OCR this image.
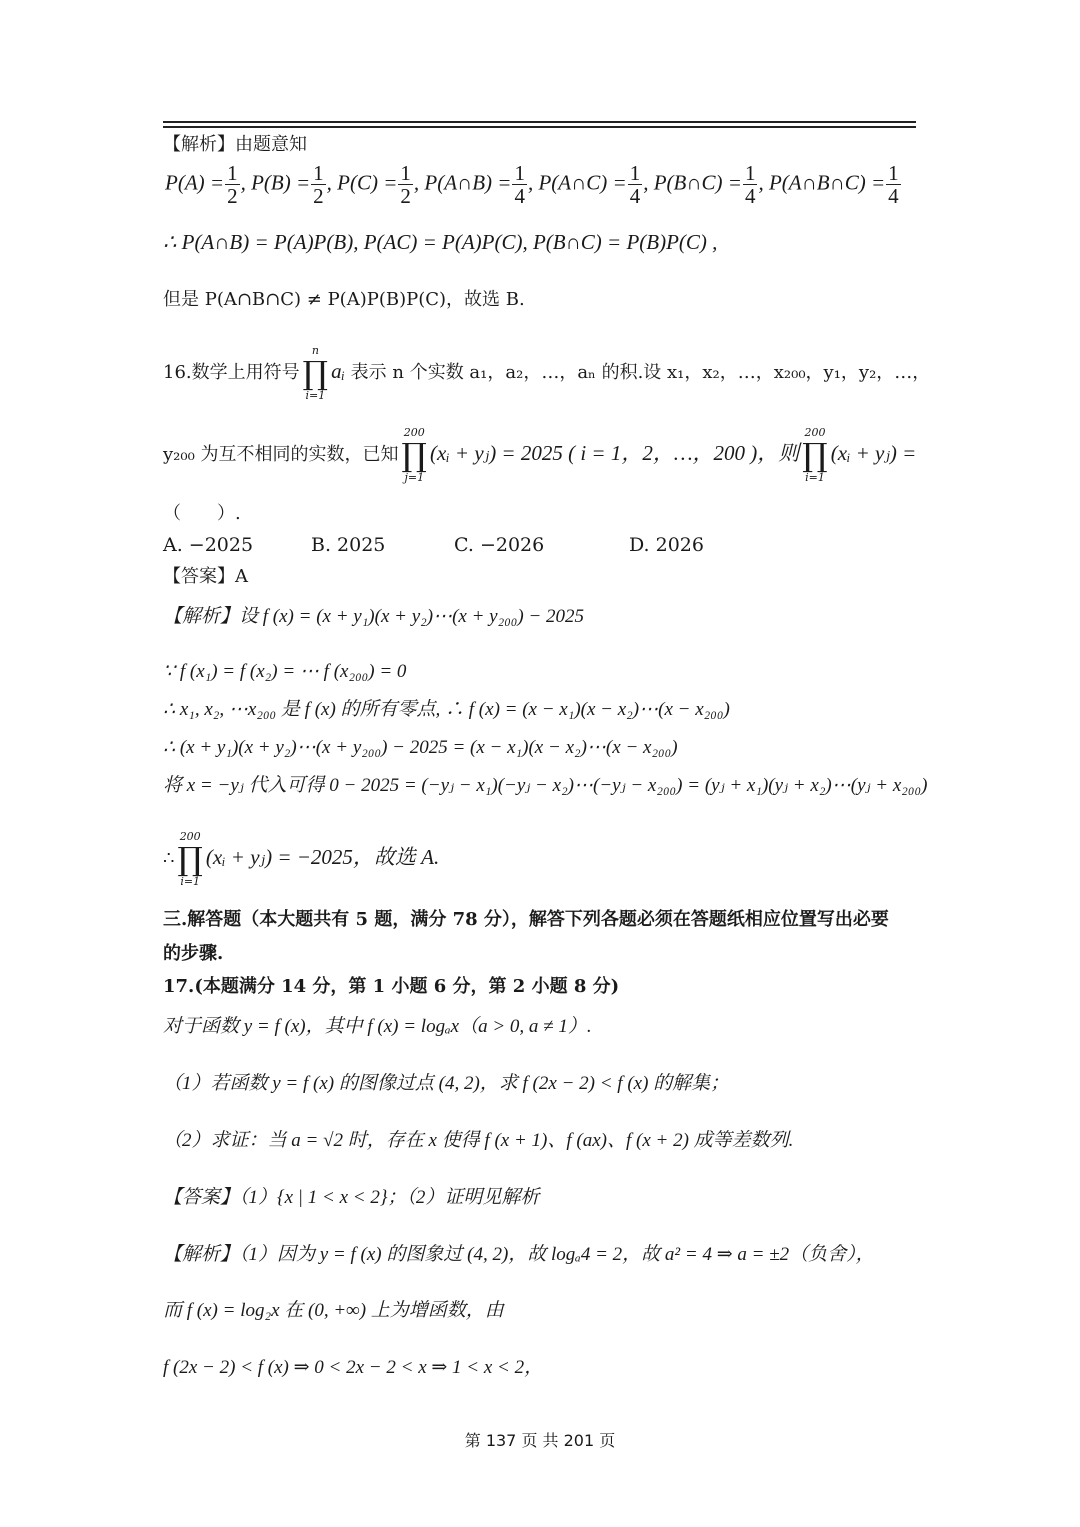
【解析】由题意知
$P(A) = \frac{1}{2}$ , $P(B) = \frac{1}{2}$ , $P(C) = \frac{1}{2}$ , P(A∩B) = $\frac{1}{4}$ , P(A∩C) = $\frac{1}{4}$ , P(B∩C) = $\frac{1}{4}$ , P(A∩B∩C) = $\frac{1}{4}$
∴ P(A∩B) = P(A)P(B), P(AC) = P(A)P(C), P(B∩C) = P(B)P(C) ,
但是 P(A∩B∩C) ≠ P(A)P(B)P(C)，故选 B.
16.数学上用符号
n
∏
i=1
aᵢ 表示 n 个实数 a₁，a₂，…，aₙ 的积.设 x₁，x₂，…，x₂₀₀，y₁，y₂，…，
y₂₀₀ 为互不相同的实数，已知
200
∏
j=1
(xᵢ + yⱼ) = 2025 ( i = 1，2，…，200 )，则
200
∏
i=1
(xᵢ + yⱼ) =
（　　）.
A. −2025	B. 2025	C. −2026	D. 2026
【答案】A
【解析】设 f (x) = (x + y₁)(x + y₂)⋯(x + y₂₀₀) − 2025
∵ f (x₁) = f (x₂) = ⋯ f (x₂₀₀) = 0
∴ x₁, x₂, ⋯x₂₀₀ 是 f (x) 的所有零点, ∴ f (x) = (x − x₁)(x − x₂)⋯(x − x₂₀₀)
∴ (x + y₁)(x + y₂)⋯(x + y₂₀₀) − 2025 = (x − x₁)(x − x₂)⋯(x − x₂₀₀)
将 x = −yⱼ 代入可得 0 − 2025 = (−yⱼ − x₁)(−yⱼ − x₂)⋯(−yⱼ − x₂₀₀) = (yⱼ + x₁)(yⱼ + x₂)⋯(yⱼ + x₂₀₀)
∴
200
∏
i=1
(xᵢ + yⱼ) = −2025，故选 A.
三.解答题（本大题共有 5 题，满分 78 分），解答下列各题必须在答题纸相应位置写出必要
的步骤.
17.(本题满分 14 分，第 1 小题 6 分，第 2 小题 8 分)
对于函数 y = f (x)，其中 f (x) = logₐx（a > 0, a ≠ 1）.
（1）若函数 y = f (x) 的图像过点 (4, 2)，求 f (2x − 2) < f (x) 的解集；
（2）求证：当 a = √2 时，存在 x 使得 f (x + 1)、f (ax)、f (x + 2) 成等差数列.
【答案】（1）{x | 1 < x < 2}；（2）证明见解析
【解析】（1）因为 y = f (x) 的图象过 (4, 2)，故 logₐ4 = 2，故 a² = 4 ⇒ a = ±2（负舍），
而 f (x) = log₂x 在 (0, +∞) 上为增函数，由
f (2x − 2) < f (x) ⇒ 0 < 2x − 2 < x ⇒ 1 < x < 2，
第 137 页 共 201 页
